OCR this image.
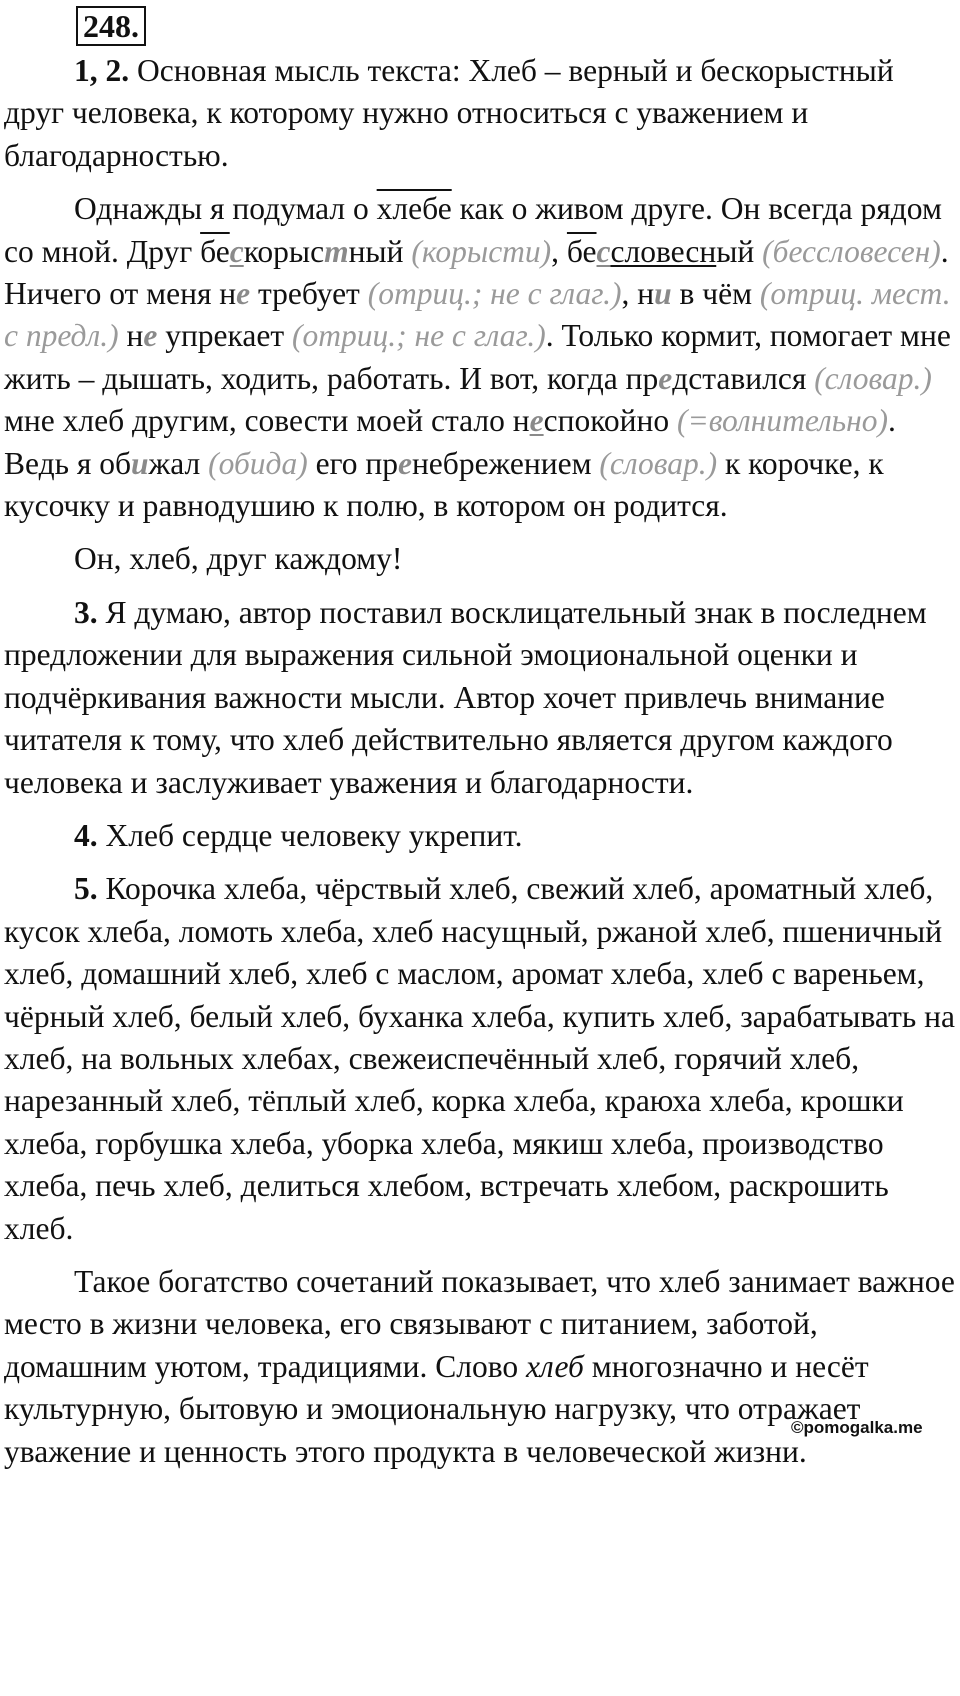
248.

1, 2. Основная мысль текста: Хлеб – верный и бескорыстный друг человека, к которому нужно относиться с уважением и благодарностью.

Однажды я подумал о хлебе как о живом друге. Он всегда рядом со мной. Друг бескорыстный (корысти), бессловесный (бессловесен). Ничего от меня не требует (отриц.; не с глаг.), ни в чём (отриц. мест. с предл.) не упрекает (отриц.; не с глаг.). Только кормит, помогает мне жить – дышать, ходить, работать. И вот, когда представился (словар.) мне хлеб другим, совести моей стало неспокойно (=волнительно). Ведь я обижал (обида) его пренебрежением (словар.) к корочке, к кусочку и равнодушию к полю, в котором он родится.

Он, хлеб, друг каждому!

3. Я думаю, автор поставил восклицательный знак в последнем предложении для выражения сильной эмоциональной оценки и подчёркивания важности мысли. Автор хочет привлечь внимание читателя к тому, что хлеб действительно является другом каждого человека и заслуживает уважения и благодарности.

4. Хлеб сердце человеку укрепит.

5. Корочка хлеба, чёрствый хлеб, свежий хлеб, ароматный хлеб, кусок хлеба, ломоть хлеба, хлеб насущный, ржаной хлеб, пшеничный хлеб, домашний хлеб, хлеб с маслом, аромат хлеба, хлеб с вареньем, чёрный хлеб, белый хлеб, буханка хлеба, купить хлеб, зарабатывать на хлеб, на вольных хлебах, свежеиспечённый хлеб, горячий хлеб, нарезанный хлеб, тёплый хлеб, корка хлеба, краюха хлеба, крошки хлеба, горбушка хлеба, уборка хлеба, мякиш хлеба, производство хлеба, печь хлеб, делиться хлебом, встречать хлебом, раскрошить хлеб.

Такое богатство сочетаний показывает, что хлеб занимает важное место в жизни человека, его связывают с питанием, заботой, домашним уютом, традициями. Слово хлеб многозначно и несёт культурную, бытовую и эмоциональную нагрузку, что отражает уважение и ценность этого продукта в человеческой жизни.

©pomogalka.me
